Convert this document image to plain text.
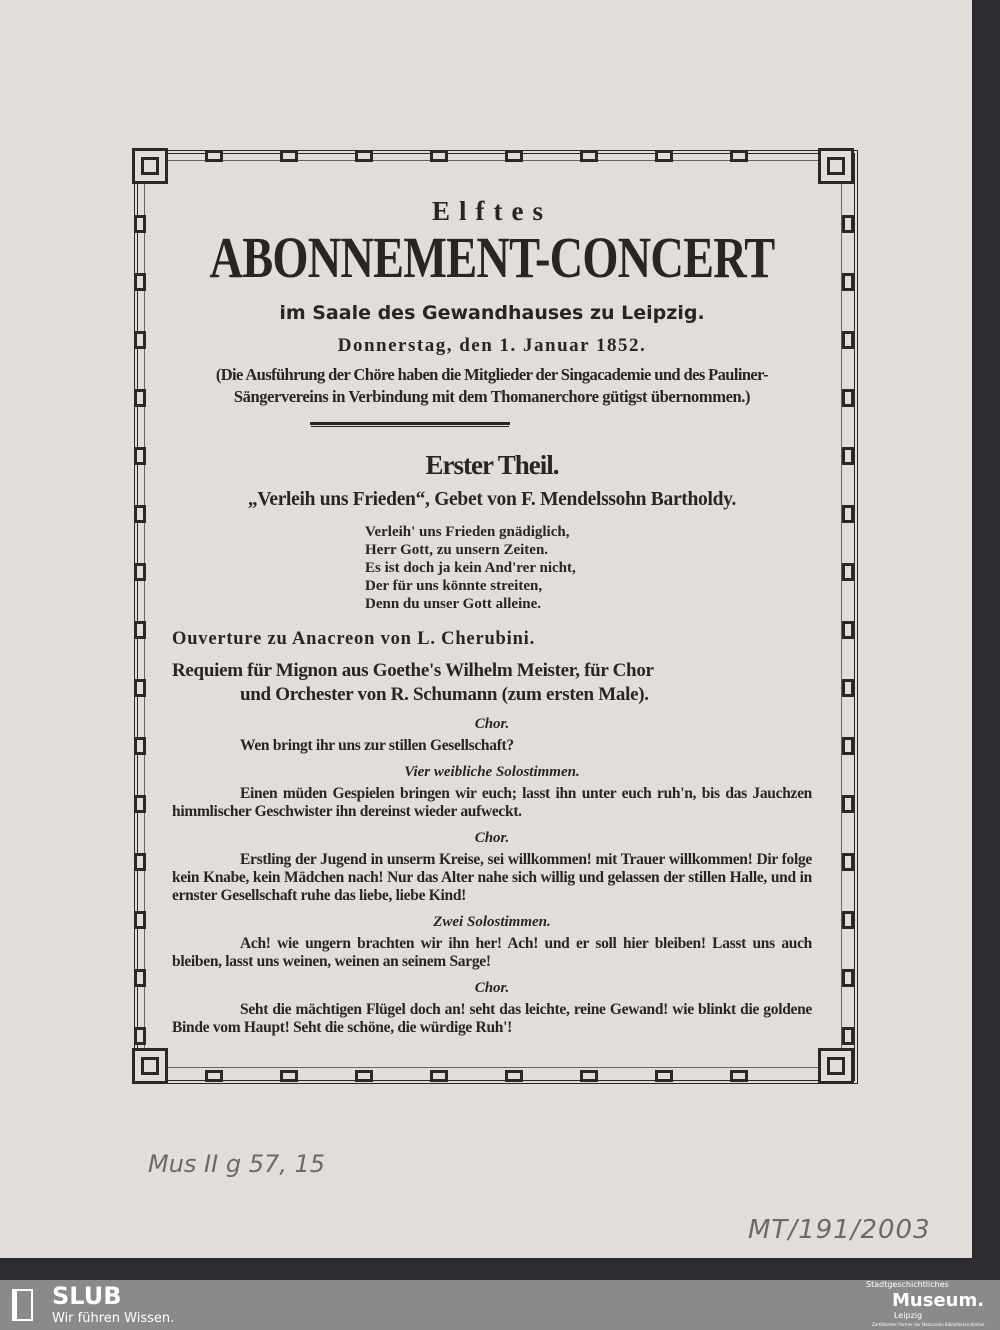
Elftes

ABONNEMENT-CONCERT

im Saale des Gewandhauses zu Leipzig.

Donnerstag, den 1. Januar 1852.

(Die Ausführung der Chöre haben die Mitglieder der Singacademie und des Pauliner-

Sängervereins in Verbindung mit dem Thomanerchore gütigst übernommen.)

Erster Theil.

„Verleih uns Frieden“, Gebet von F. Mendelssohn Bartholdy.

Verleih' uns Frieden gnädiglich,
Herr Gott, zu unsern Zeiten.
Es ist doch ja kein And'rer nicht,
Der für uns könnte streiten,
Denn du unser Gott alleine.

Ouverture zu Anacreon von L. Cherubini.

Requiem für Mignon aus Goethe's Wilhelm Meister, für Chor

und Orchester von R. Schumann (zum ersten Male).

Chor.

Wen bringt ihr uns zur stillen Gesellschaft?

Vier weibliche Solostimmen.

Einen müden Gespielen bringen wir euch; lasst ihn unter euch ruh'n, bis das Jauchzen himmlischer Geschwister ihn dereinst wieder aufweckt.

Chor.

Erstling der Jugend in unserm Kreise, sei willkommen! mit Trauer willkommen! Dir folge kein Knabe, kein Mädchen nach! Nur das Alter nahe sich willig und gelassen der stillen Halle, und in ernster Gesellschaft ruhe das liebe, liebe Kind!

Zwei Solostimmen.

Ach! wie ungern brachten wir ihn her! Ach! und er soll hier bleiben! Lasst uns auch bleiben, lasst uns weinen, weinen an seinem Sarge!

Chor.

Seht die mächtigen Flügel doch an! seht das leichte, reine Gewand! wie blinkt die goldene Binde vom Haupt! Seht die schöne, die würdige Ruh'!

Mus II g 57, 15
MT/191/2003
SLUB
Wir führen Wissen.
Stadtgeschichtliches
Museum.
Leipzig
Zertifizierter Partner der Nationalen Bibliotheksinitiative
